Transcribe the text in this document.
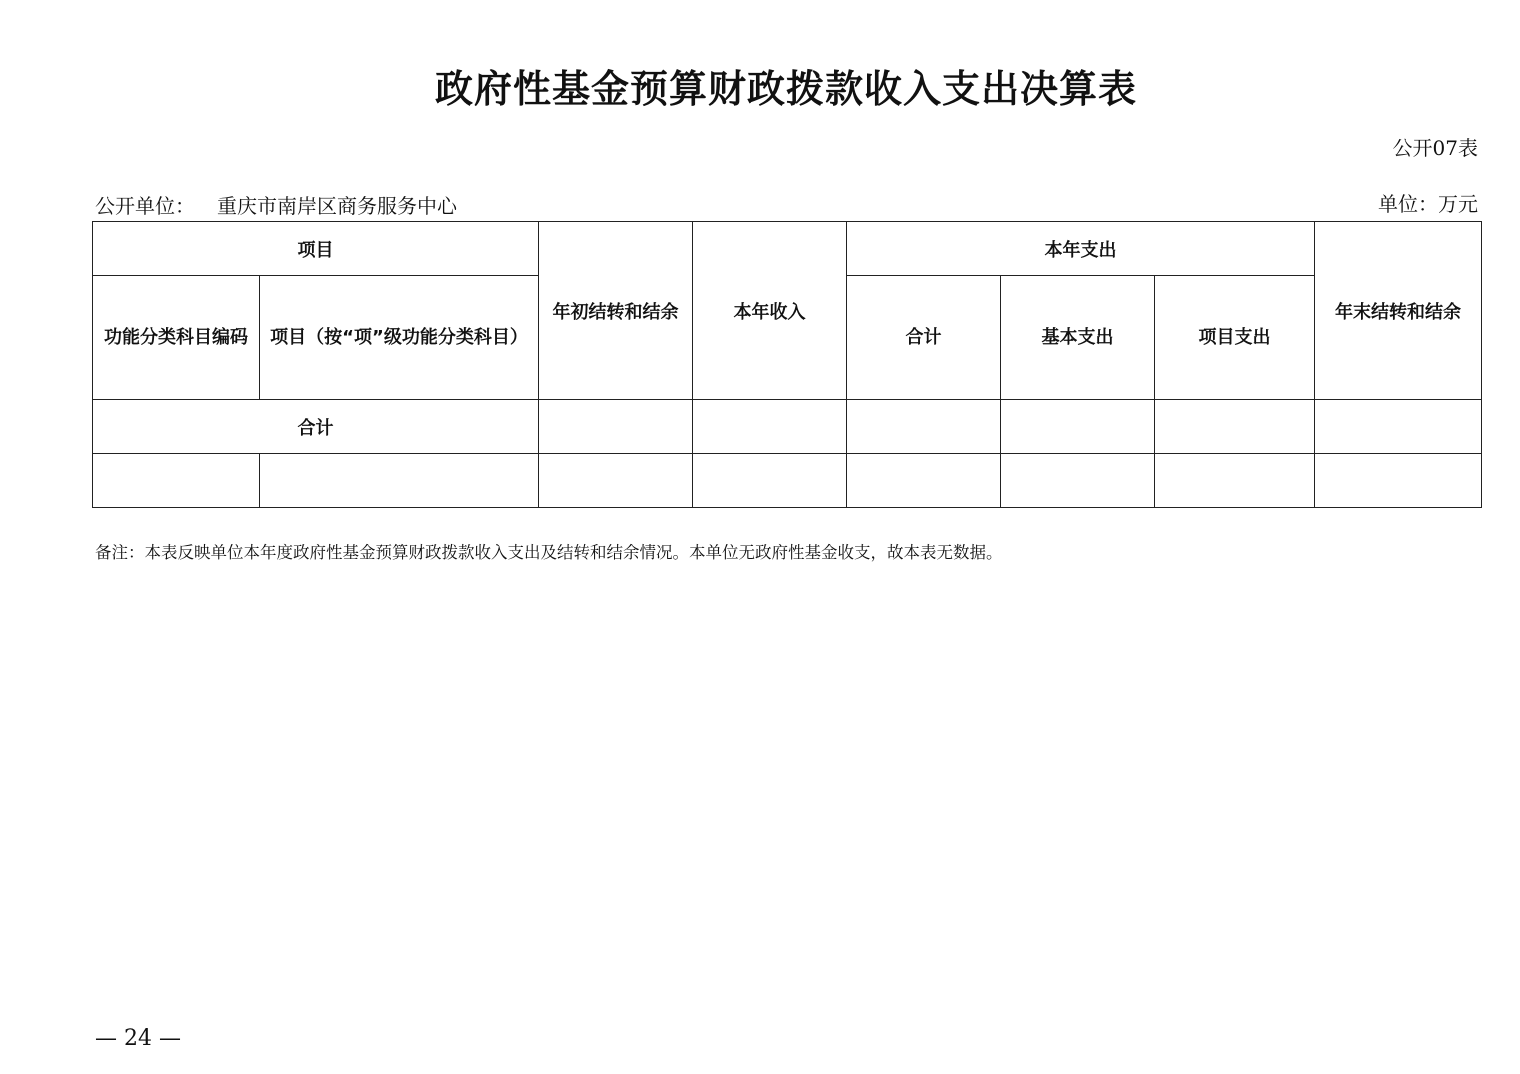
政府性基金预算财政拨款收入支出决算表
公开07表
公开单位： 重庆市南岸区商务服务中心	单位：万元
项目		年初结转和结余	本年收入	本年支出			年末结转和结余
功能分类科目编码	项目（按“项”级功能分类科目）			合计	基本支出	项目支出	
合计							

备注：本表反映单位本年度政府性基金预算财政拨款收入支出及结转和结余情况。本单位无政府性基金收支，故本表无数据。
— 24 —
